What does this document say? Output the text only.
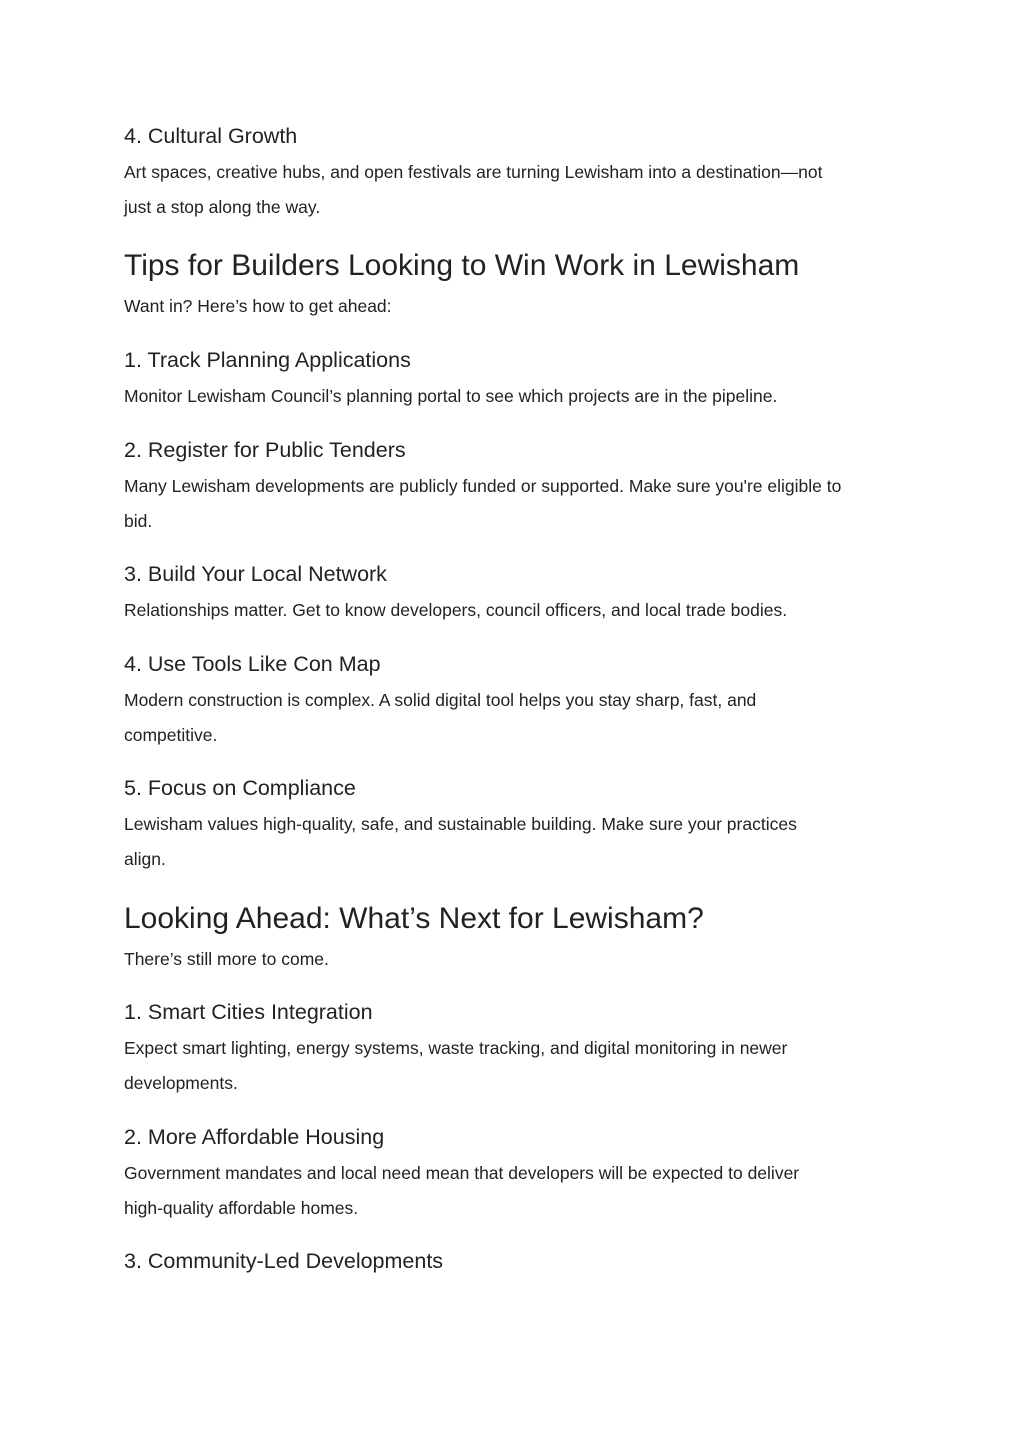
4. Cultural Growth

Art spaces, creative hubs, and open festivals are turning Lewisham into a destination—not

just a stop along the way.

Tips for Builders Looking to Win Work in Lewisham

Want in? Here’s how to get ahead:

1. Track Planning Applications

Monitor Lewisham Council’s planning portal to see which projects are in the pipeline.

2. Register for Public Tenders

Many Lewisham developments are publicly funded or supported. Make sure you're eligible to

bid.

3. Build Your Local Network

Relationships matter. Get to know developers, council officers, and local trade bodies.

4. Use Tools Like Con Map

Modern construction is complex. A solid digital tool helps you stay sharp, fast, and

competitive.

5. Focus on Compliance

Lewisham values high-quality, safe, and sustainable building. Make sure your practices

align.

Looking Ahead: What’s Next for Lewisham?

There’s still more to come.

1. Smart Cities Integration

Expect smart lighting, energy systems, waste tracking, and digital monitoring in newer

developments.

2. More Affordable Housing

Government mandates and local need mean that developers will be expected to deliver

high-quality affordable homes.

3. Community-Led Developments
